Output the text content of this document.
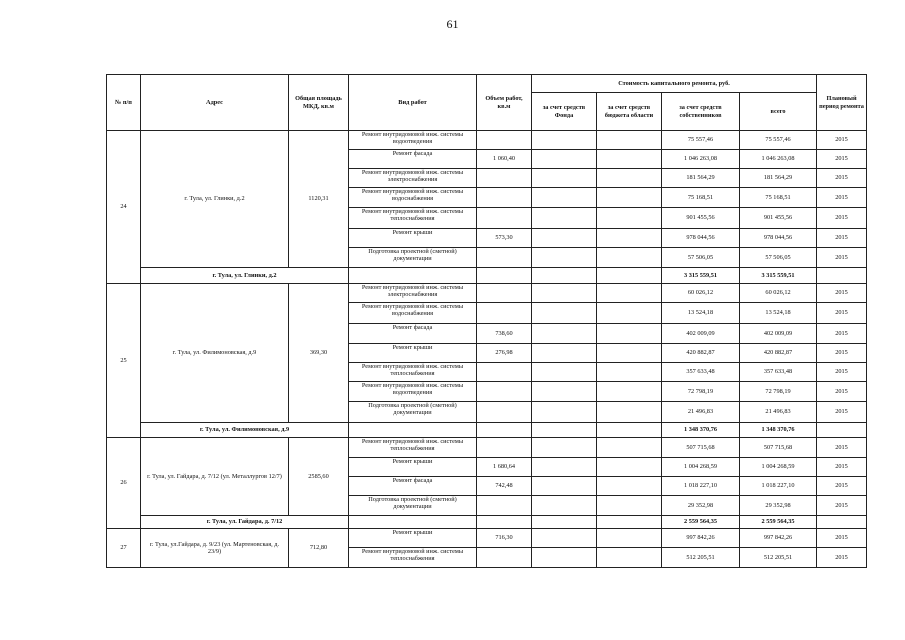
61
№ п/п	Адрес	Общая площадь МКД, кв.м	Вид работ	Объем работ, кв.м	Стоимость капитального ремонта, руб.				Плановый период ремонта
					за счет средств Фонда	за счет средств бюджета области	за счет средств собственников	всего	
24	г. Тула, ул. Глинки, д.2	1120,31	Ремонт внутридомовой инж. системы водоотведения				75 557,46	75 557,46	2015
			Ремонт фасада	1 060,40			1 046 263,08	1 046 263,08	2015
			Ремонт внутридомовой инж. системы электроснабжения				181 564,29	181 564,29	2015
			Ремонт внутридомовой инж. системы водоснабжения				75 168,51	75 168,51	2015
			Ремонт внутридомовой инж. системы теплоснабжения				901 455,56	901 455,56	2015
			Ремонт крыши	573,30			978 044,56	978 044,56	2015
			Подготовка проектной (сметной) документации				57 506,05	57 506,05	2015
	г. Тула, ул. Глинки, д.2						3 315 559,51	3 315 559,51	
25	г. Тула, ул. Филимоновская, д.9	369,30	Ремонт внутридомовой инж. системы электроснабжения				60 026,12	60 026,12	2015
			Ремонт внутридомовой инж. системы водоснабжения				13 524,18	13 524,18	2015
			Ремонт фасада	738,60			402 009,09	402 009,09	2015
			Ремонт крыши	276,98			420 882,87	420 882,87	2015
			Ремонт внутридомовой инж. системы теплоснабжения				357 633,48	357 633,48	2015
			Ремонт внутридомовой инж. системы водоотведения				72 798,19	72 798,19	2015
			Подготовка проектной (сметной) документации				21 496,83	21 496,83	2015
	г. Тула, ул. Филимоновская, д.9						1 348 370,76	1 348 370,76	
26	г. Тула, ул. Гайдара, д. 7/12 (ул. Металлургов 12/7)	2585,60	Ремонт внутридомовой инж. системы теплоснабжения				507 715,68	507 715,68	2015
			Ремонт крыши	1 680,64			1 004 268,59	1 004 268,59	2015
			Ремонт фасада	742,48			1 018 227,10	1 018 227,10	2015
			Подготовка проектной (сметной) документации				29 352,98	29 352,98	2015
	г. Тула, ул. Гайдара, д. 7/12						2 559 564,35	2 559 564,35	
27	г. Тула, ул.Гайдара, д. 9/23 (ул. Мартеновская, д. 23/9)	712,80	Ремонт крыши	716,30			997 842,26	997 842,26	2015
			Ремонт внутридомовой инж. системы теплоснабжения				512 205,51	512 205,51	2015
